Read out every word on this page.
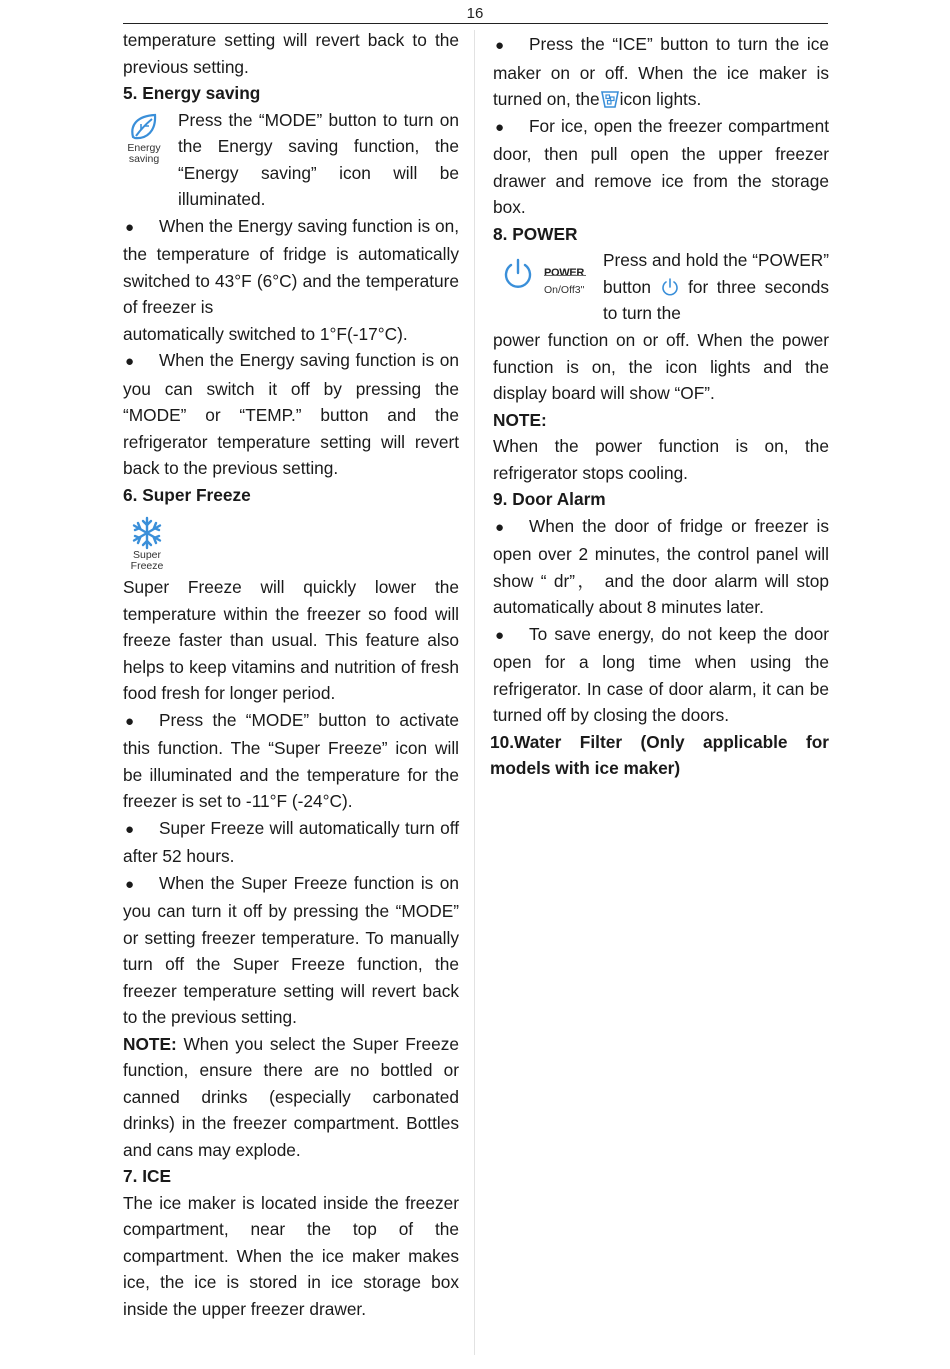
16

temperature setting will revert back to the previous setting.

5. Energy saving

Energy
saving

Press the “MODE” button to turn on the Energy saving function, the “Energy saving” icon will be illuminated.

● When the Energy saving function is on, the temperature of fridge is automatically switched to 43°F (6°C) and the temperature of freezer is

automatically switched to 1°F(-17°C).

● When the Energy saving function is on you can switch it off by pressing the “MODE” or “TEMP.” button and the refrigerator temperature setting will revert back to the previous setting.

6. Super Freeze

Super
Freeze

Super Freeze will quickly lower the temperature within the freezer so food will freeze faster than usual. This feature also helps to keep vitamins and nutrition of fresh food fresh for longer period.

● Press the “MODE” button to activate this function. The “Super Freeze” icon will be illuminated and the temperature for the freezer is set to -11°F (-24°C).

● Super Freeze will automatically turn off after 52 hours.

● When the Super Freeze function is on you can turn it off by pressing the “MODE” or setting freezer temperature. To manually turn off the Super Freeze function, the freezer temperature setting will revert back to the previous setting.

NOTE: When you select the Super Freeze function, ensure there are no bottled or canned drinks (especially carbonated drinks) in the freezer compartment. Bottles and cans may explode.

7. ICE

The ice maker is located inside the freezer compartment, near the top of the compartment. When the ice maker makes ice, the ice is stored in ice storage box inside the upper freezer drawer.

● Press the “ICE” button to turn the ice maker on or off. When the ice maker is turned on, the icon lights.

● For ice, open the freezer compartment door, then pull open the upper freezer drawer and remove ice from the storage box.

8. POWER

POWER
On/Off3"

Press and hold the “POWER” button for three seconds to turn the

power function on or off. When the power function is on, the icon lights and the display board will show “OF”.

NOTE:

When the power function is on, the refrigerator stops cooling.

9. Door Alarm

● When the door of fridge or freezer is open over 2 minutes, the control panel will show “ dr”， and the door alarm will stop automatically about 8 minutes later.

● To save energy, do not keep the door open for a long time when using the refrigerator. In case of door alarm, it can be turned off by closing the doors.

10.Water Filter (Only applicable for models with ice maker)
